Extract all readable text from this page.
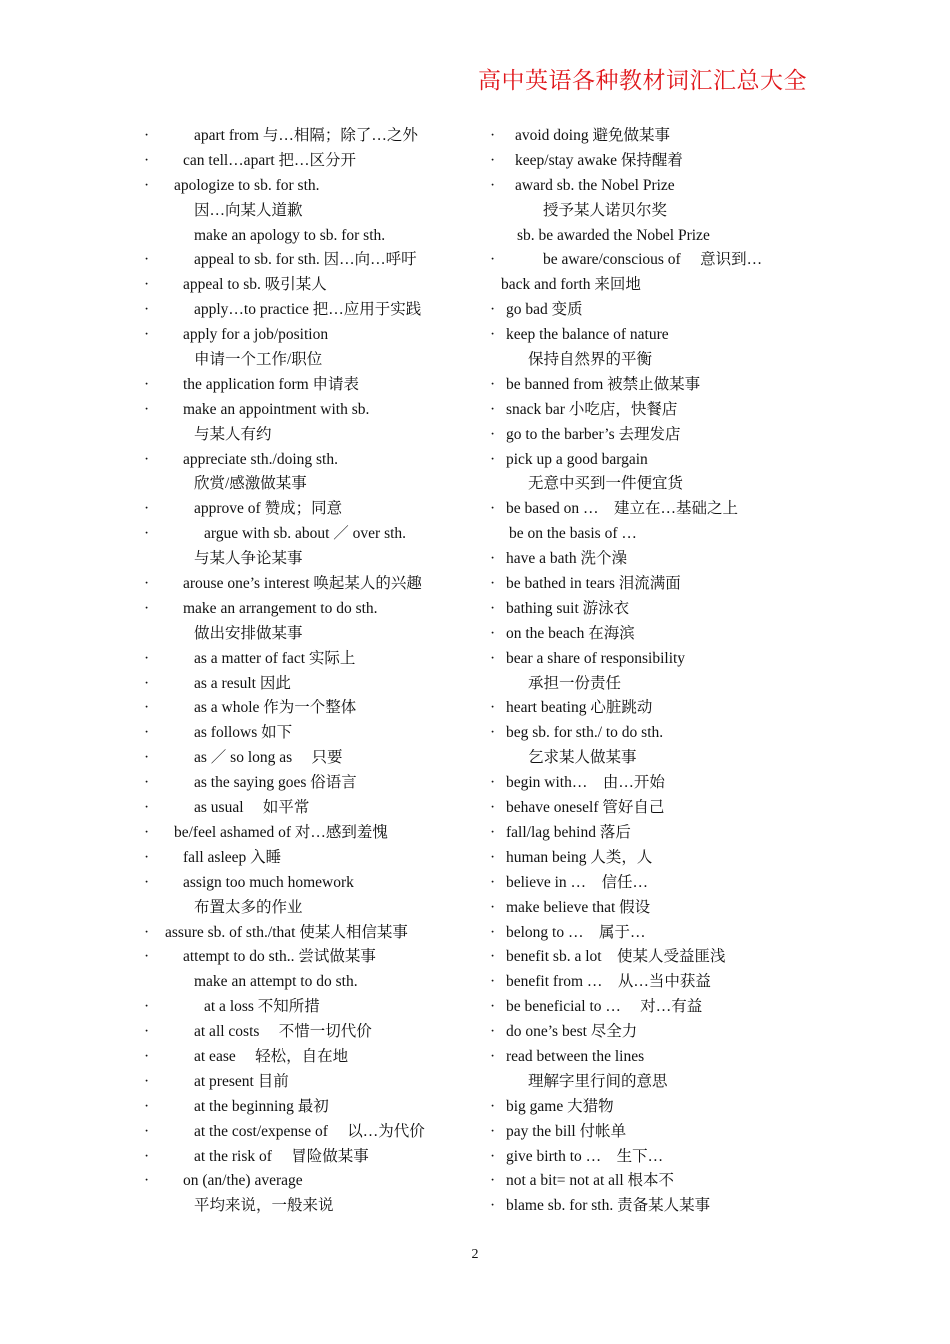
高中英语各种教材词汇汇总大全
·	apart from 与…相隔；除了…之外
· can tell…apart 把…区分开
· apologize to sb. for sth.
因…向某人道歉
make an apology to sb. for sth.
·	appeal to sb. for sth. 因…向…呼吁
· appeal to sb. 吸引某人
·	apply…to practice 把…应用于实践
· apply for a job/position
申请一个工作/职位
· the application form 申请表
· make an appointment with sb.
与某人有约
· appreciate sth./doing sth.
欣赏/感激做某事
·	approve of 赞成；同意
·	argue with sb. about ／ over sth.
与某人争论某事
· arouse one’s interest 唤起某人的兴趣
· make an arrangement to do sth.
做出安排做某事
·	as a matter of fact 实际上
·	as a result 因此
·	as a whole 作为一个整体
·	as follows 如下
·	as ／ so long as　 只要
·	as the saying goes 俗语言
·	as usual　 如平常
· be/feel ashamed of 对…感到羞愧
· fall asleep 入睡
· assign too much homework
布置太多的作业
· assure sb. of sth./that 使某人相信某事
· attempt to do sth.. 尝试做某事
make an attempt to do sth.
·	at a loss 不知所措
·	at all costs　 不惜一切代价
·	at ease　 轻松，自在地
·	at present 目前
·	at the beginning 最初
·	at the cost/expense of　 以…为代价
·	at the risk of　 冒险做某事
· on (an/the) average
平均来说，一般来说
· avoid doing 避免做某事
· keep/stay awake 保持醒着
· award sb. the Nobel Prize
授予某人诺贝尔奖
sb. be awarded the Nobel Prize
·	be aware/conscious of　 意识到…
back and forth 来回地
· go bad 变质
· keep the balance of nature
保持自然界的平衡
· be banned from 被禁止做某事
· snack bar 小吃店，快餐店
· go to the barber’s 去理发店
· pick up a good bargain
无意中买到一件便宜货
· be based on …　建立在…基础之上
be on the basis of …
· have a bath 洗个澡
· be bathed in tears 泪流满面
· bathing suit 游泳衣
· on the beach 在海滨
· bear a share of responsibility
承担一份责任
· heart beating 心脏跳动
· beg sb. for sth./ to do sth.
乞求某人做某事
· begin with…　由…开始
· behave oneself 管好自己
· fall/lag behind 落后
· human being 人类，人
· believe in …　信任…
· make believe that 假设
· belong to …　属于…
· benefit sb. a lot　使某人受益匪浅
· benefit from …　从…当中获益
· be beneficial to …　 对…有益
· do one’s best 尽全力
· read between the lines
理解字里行间的意思
· big game 大猎物
· pay the bill 付帐单
· give birth to …　生下…
· not a bit= not at all 根本不
· blame sb. for sth. 责备某人某事
2
